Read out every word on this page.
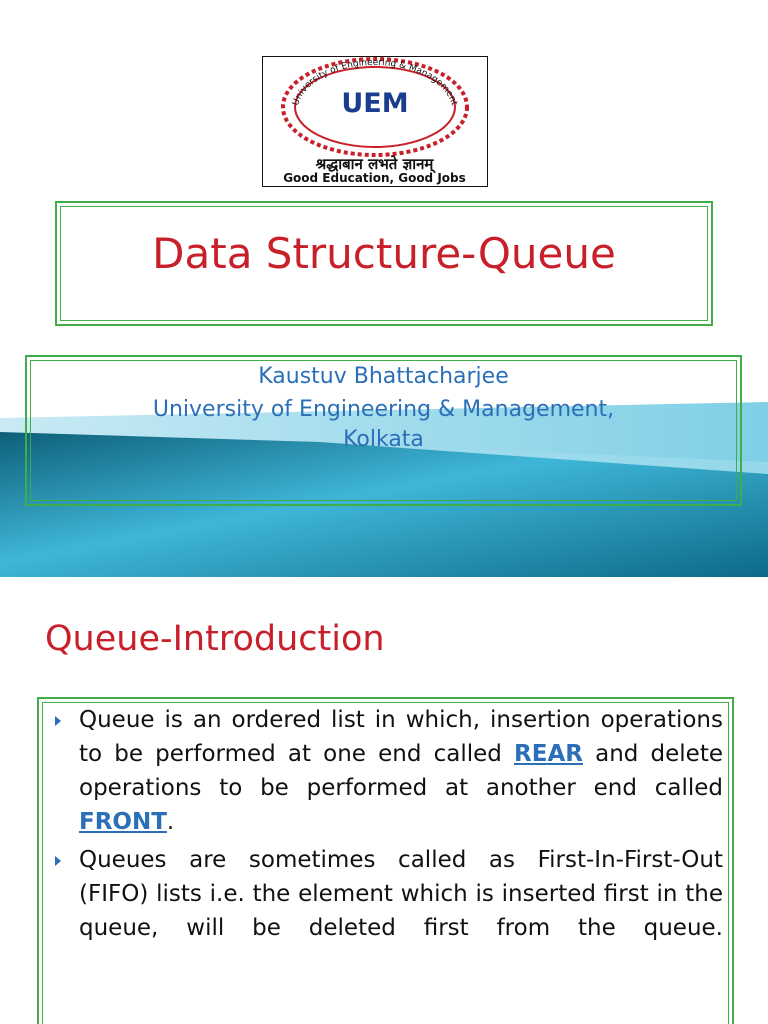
UEM
University of Engineering & Management
श्रद्धाबान लभते ज्ञानम्
Good Education, Good Jobs
Data Structure-Queue
Kaustuv Bhattacharjee
University of Engineering & Management,
Kolkata
Queue-Introduction
Queue is an ordered list in which, insertion operations to be performed at one end called REAR and delete operations to be performed at another end called FRONT.
Queues are sometimes called as First-In-First-Out (FIFO) lists i.e. the element which is inserted first in the queue, will be deleted first from the queue.
